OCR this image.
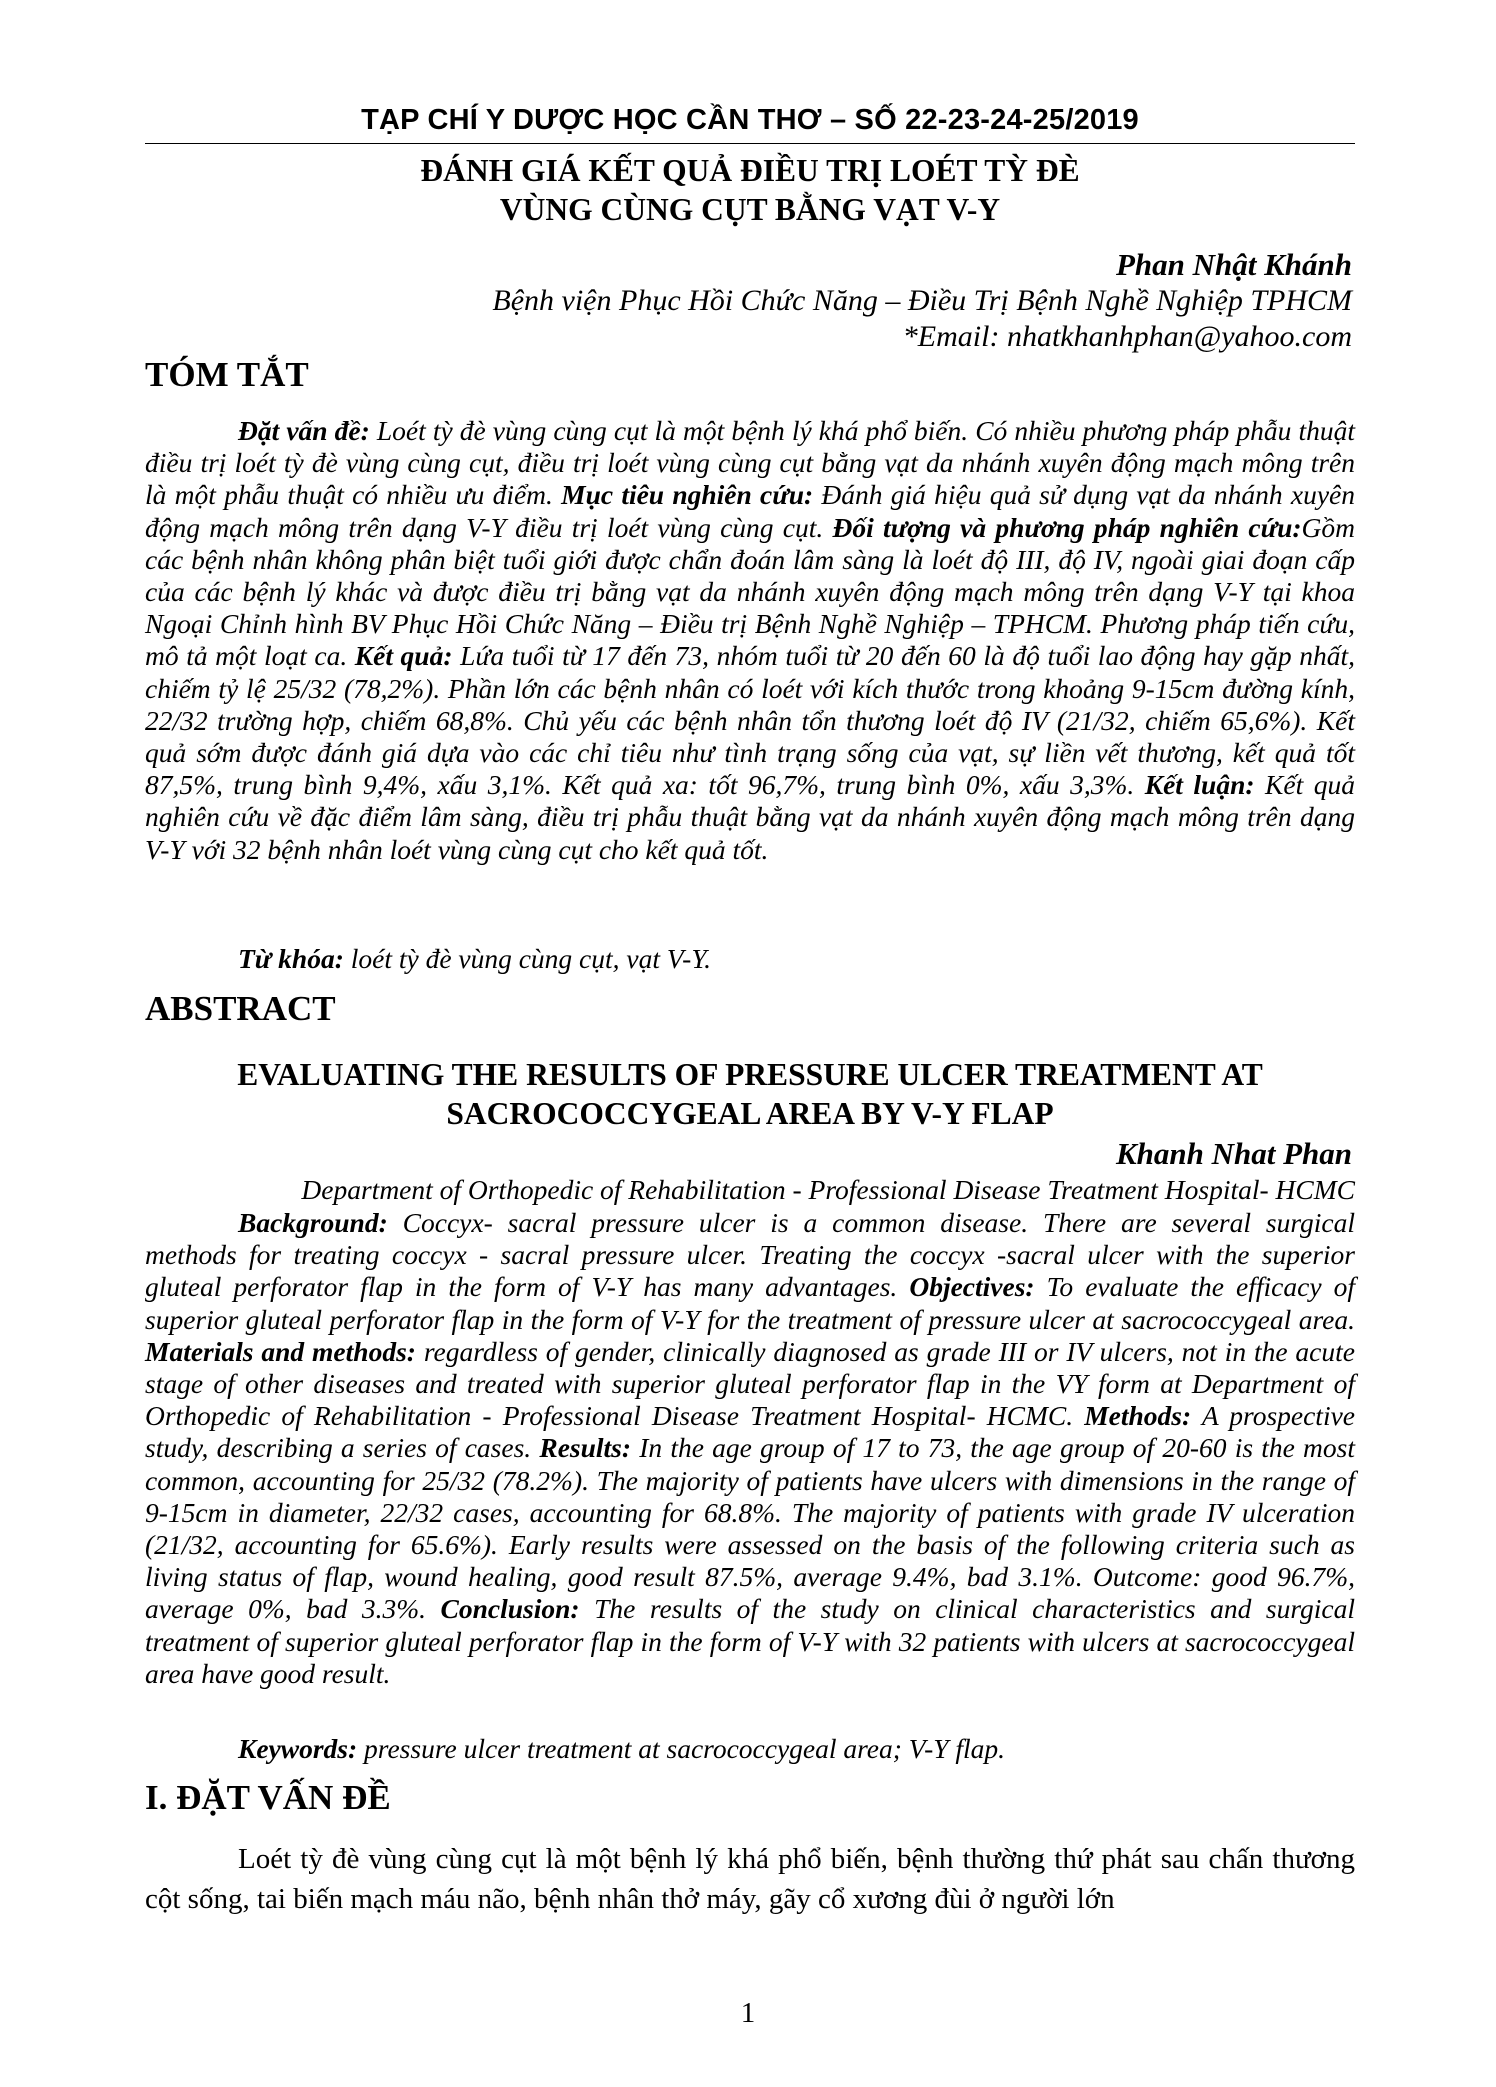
TẠP CHÍ Y DƯỢC HỌC CẦN THƠ – SỐ 22-23-24-25/2019
ĐÁNH GIÁ KẾT QUẢ ĐIỀU TRỊ LOÉT TỲ ĐÈ
VÙNG CÙNG CỤT BẰNG VẠT V-Y
Phan Nhật Khánh
Bệnh viện Phục Hồi Chức Năng – Điều Trị Bệnh Nghề Nghiệp TPHCM
*Email: nhatkhanhphan@yahoo.com
TÓM TẮT
Đặt vấn đề: Loét tỳ đè vùng cùng cụt là một bệnh lý khá phổ biến. Có nhiều phương pháp phẫu thuật điều trị loét tỳ đè vùng cùng cụt, điều trị loét vùng cùng cụt bằng vạt da nhánh xuyên động mạch mông trên là một phẫu thuật có nhiều ưu điểm. Mục tiêu nghiên cứu: Đánh giá hiệu quả sử dụng vạt da nhánh xuyên động mạch mông trên dạng V-Y điều trị loét vùng cùng cụt. Đối tượng và phương pháp nghiên cứu:Gồm các bệnh nhân không phân biệt tuổi giới được chẩn đoán lâm sàng là loét độ III, độ IV, ngoài giai đoạn cấp của các bệnh lý khác và được điều trị bằng vạt da nhánh xuyên động mạch mông trên dạng V-Y tại khoa Ngoại Chỉnh hình BV Phục Hồi Chức Năng – Điều trị Bệnh Nghề Nghiệp – TPHCM. Phương pháp tiến cứu, mô tả một loạt ca. Kết quả: Lứa tuổi từ 17 đến 73, nhóm tuổi từ 20 đến 60 là độ tuổi lao động hay gặp nhất, chiếm tỷ lệ 25/32 (78,2%). Phần lớn các bệnh nhân có loét với kích thước trong khoảng 9-15cm đường kính, 22/32 trường hợp, chiếm 68,8%. Chủ yếu các bệnh nhân tổn thương loét độ IV (21/32, chiếm 65,6%). Kết quả sớm được đánh giá dựa vào các chỉ tiêu như tình trạng sống của vạt, sự liền vết thương, kết quả tốt 87,5%, trung bình 9,4%, xấu 3,1%. Kết quả xa: tốt 96,7%, trung bình 0%, xấu 3,3%. Kết luận: Kết quả nghiên cứu về đặc điểm lâm sàng, điều trị phẫu thuật bằng vạt da nhánh xuyên động mạch mông trên dạng V-Y với 32 bệnh nhân loét vùng cùng cụt cho kết quả tốt.
Từ khóa: loét tỳ đè vùng cùng cụt, vạt V-Y.
ABSTRACT
EVALUATING THE RESULTS OF PRESSURE ULCER TREATMENT AT
SACROCOCCYGEAL AREA BY V-Y FLAP
Khanh Nhat Phan
Department of Orthopedic of Rehabilitation - Professional Disease Treatment Hospital- HCMC
Background: Coccyx- sacral pressure ulcer is a common disease. There are several surgical methods for treating coccyx - sacral pressure ulcer. Treating the coccyx -sacral ulcer with the superior gluteal perforator flap in the form of V-Y has many advantages. Objectives: To evaluate the efficacy of superior gluteal perforator flap in the form of V-Y for the treatment of pressure ulcer at sacrococcygeal area. Materials and methods: regardless of gender, clinically diagnosed as grade III or IV ulcers, not in the acute stage of other diseases and treated with superior gluteal perforator flap in the VY form at Department of Orthopedic of Rehabilitation - Professional Disease Treatment Hospital- HCMC. Methods: A prospective study, describing a series of cases. Results: In the age group of 17 to 73, the age group of 20-60 is the most common, accounting for 25/32 (78.2%). The majority of patients have ulcers with dimensions in the range of 9-15cm in diameter, 22/32 cases, accounting for 68.8%. The majority of patients with grade IV ulceration (21/32, accounting for 65.6%). Early results were assessed on the basis of the following criteria such as living status of flap, wound healing, good result 87.5%, average 9.4%, bad 3.1%. Outcome: good 96.7%, average 0%, bad 3.3%. Conclusion: The results of the study on clinical characteristics and surgical treatment of superior gluteal perforator flap in the form of V-Y with 32 patients with ulcers at sacrococcygeal area have good result.
Keywords: pressure ulcer treatment at sacrococcygeal area; V-Y flap.
I. ĐẶT VẤN ĐỀ
Loét tỳ đè vùng cùng cụt là một bệnh lý khá phổ biến, bệnh thường thứ phát sau chấn thương cột sống, tai biến mạch máu não, bệnh nhân thở máy, gãy cổ xương đùi ở người lớn
1
